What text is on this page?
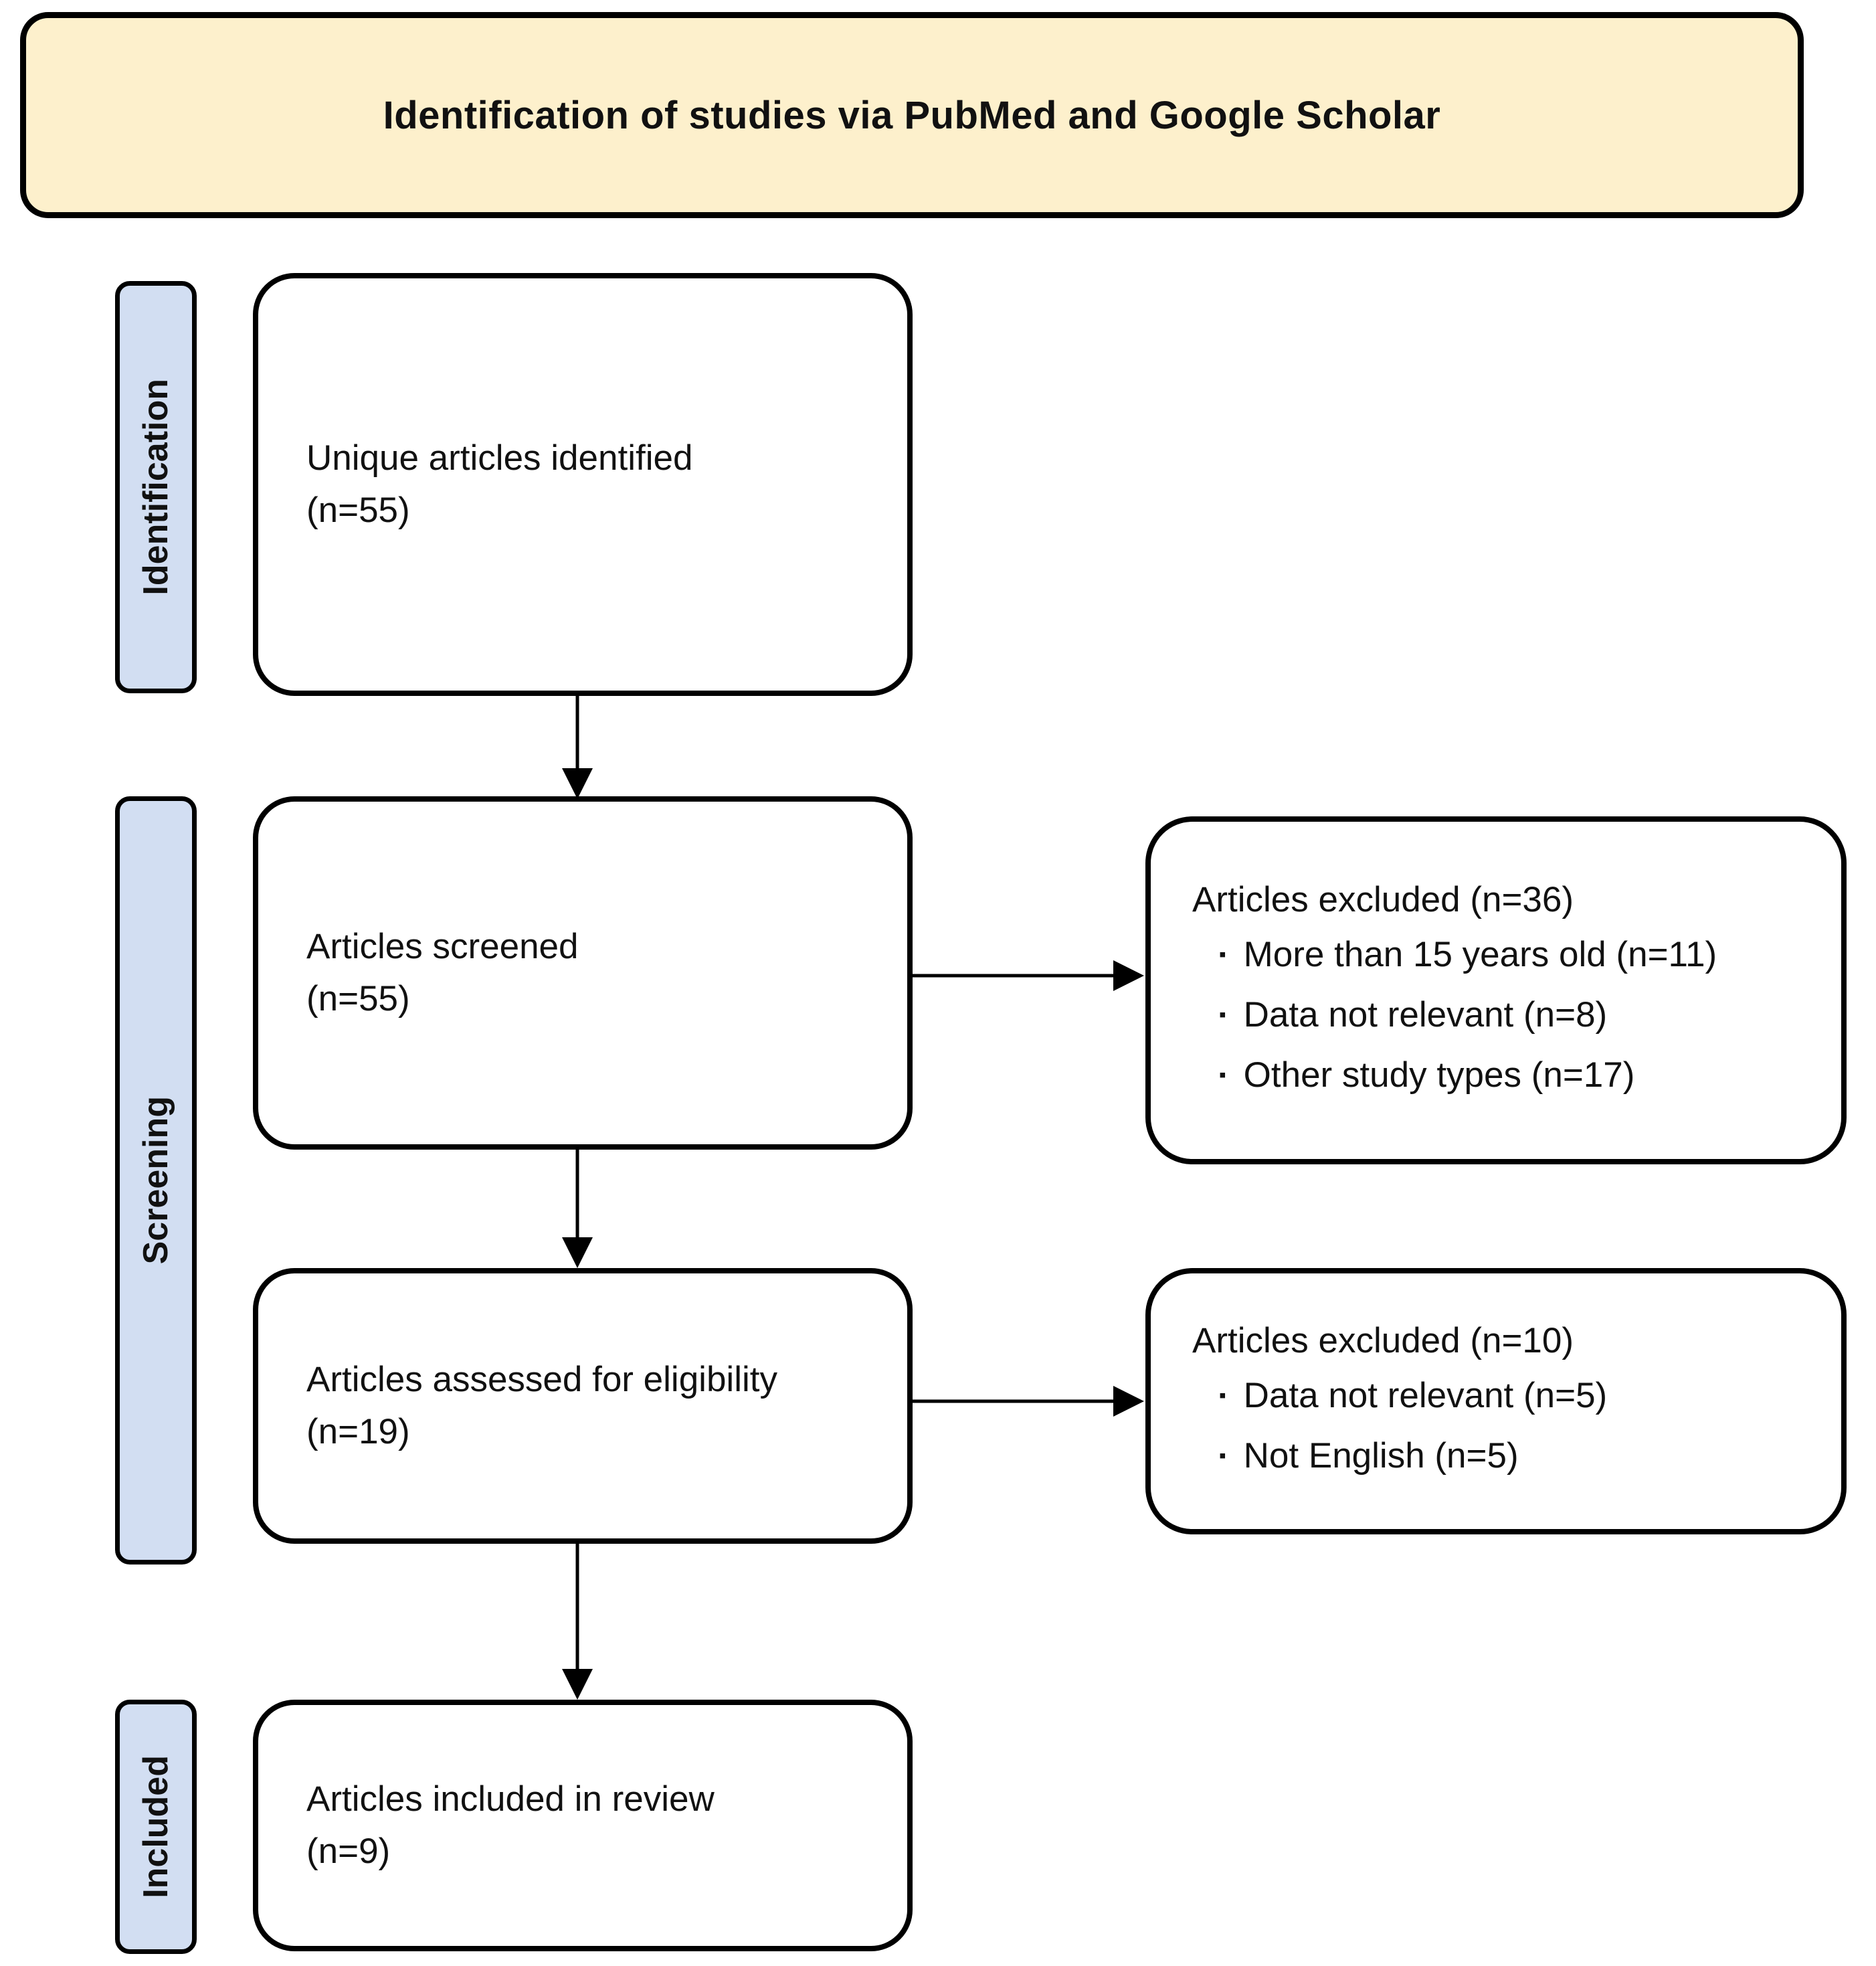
Identification of studies via PubMed and Google Scholar
Identification
Screening
Included
Unique articles identified
(n=55)
Articles screened
(n=55)
Articles assessed for eligibility
(n=19)
Articles included in review
(n=9)
Articles excluded (n=36)
▪ More than 15 years old (n=11)
▪ Data not relevant (n=8)
▪ Other study types (n=17)
Articles excluded (n=10)
▪ Data not relevant (n=5)
▪ Not English (n=5)
